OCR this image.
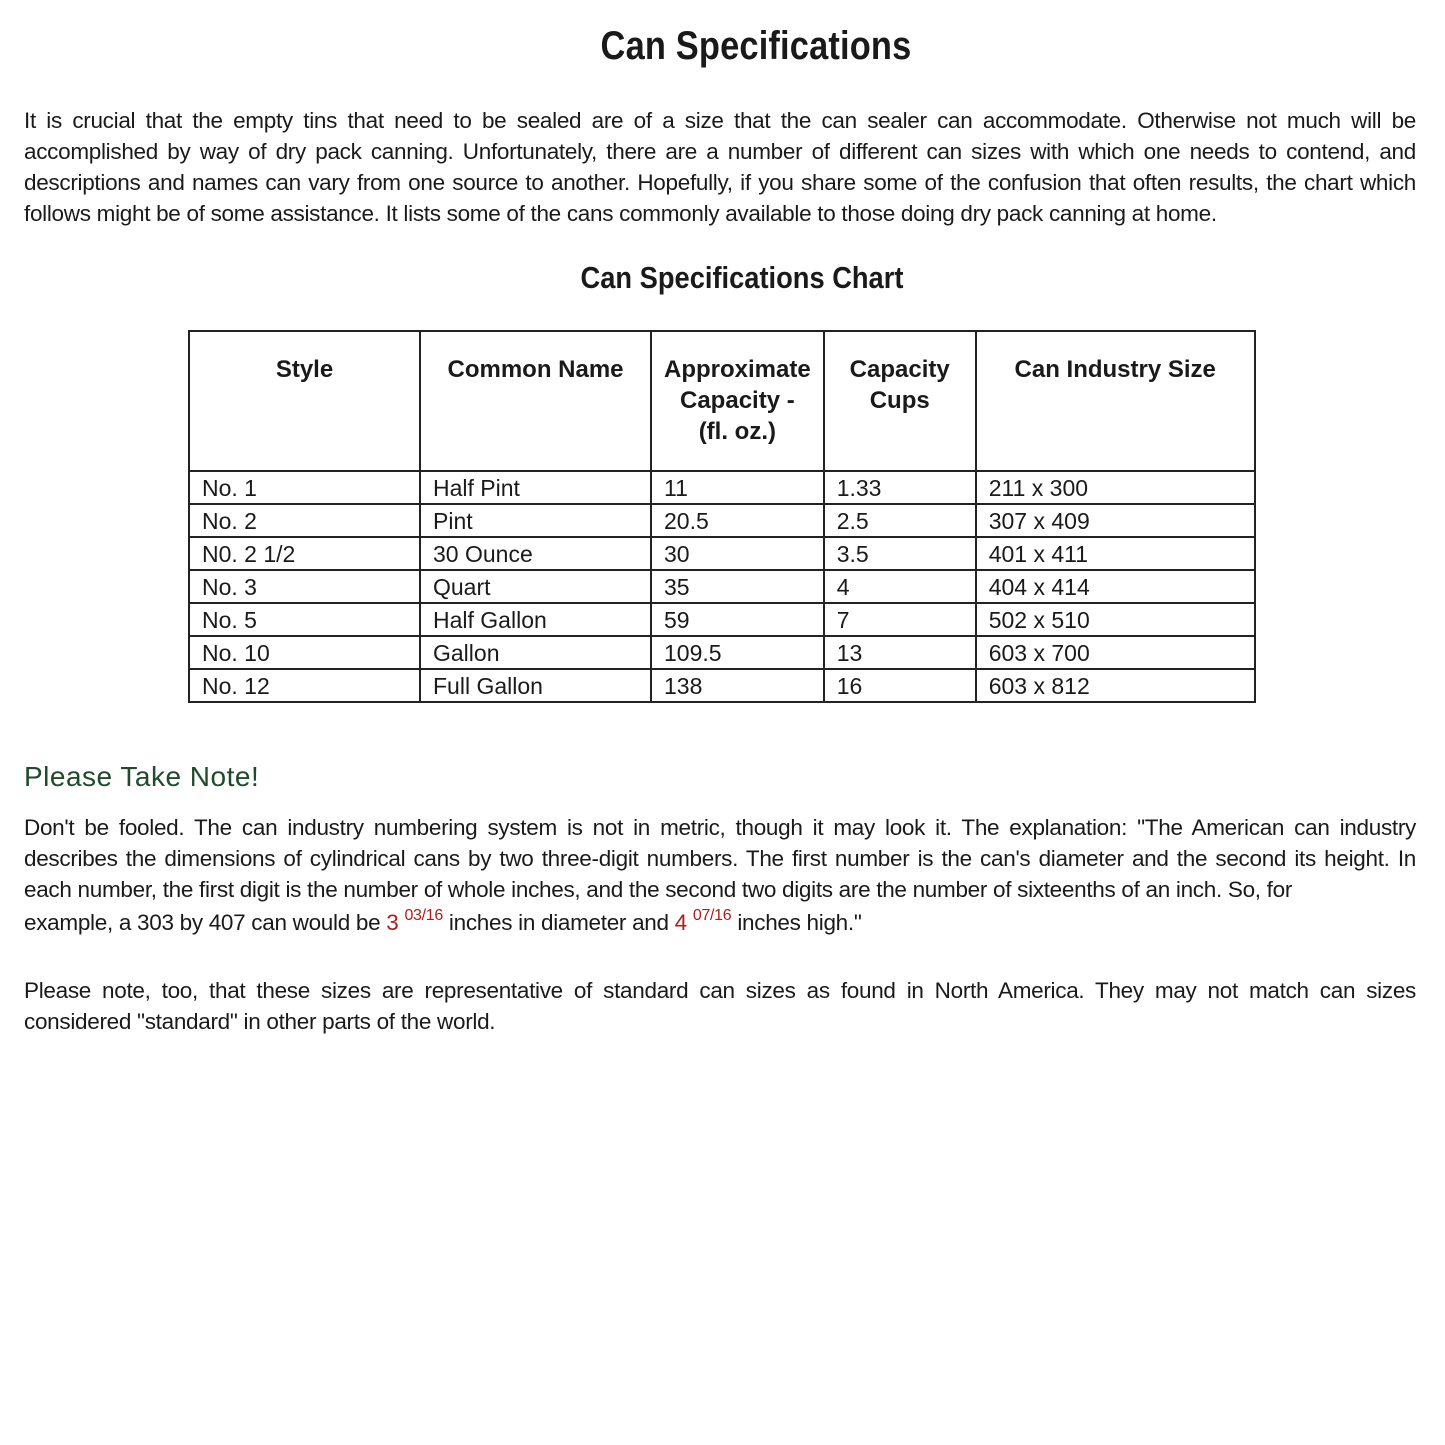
Can Specifications

It is crucial that the empty tins that need to be sealed are of a size that the can sealer can accommodate. Otherwise not much will be accomplished by way of dry pack canning. Unfortunately, there are a number of different can sizes with which one needs to contend, and descriptions and names can vary from one source to another. Hopefully, if you share some of the confusion that often results, the chart which follows might be of some assistance. It lists some of the cans commonly available to those doing dry pack canning at home.

Can Specifications Chart
Style	Common Name	Approximate Capacity - (fl. oz.)	Capacity Cups	Can Industry Size
No. 1	Half Pint	11	1.33	211 x 300
No. 2	Pint	20.5	2.5	307 x 409
N0. 2 1/2	30 Ounce	30	3.5	401 x 411
No. 3	Quart	35	4	404 x 414
No. 5	Half Gallon	59	7	502 x 510
No. 10	Gallon	109.5	13	603 x 700
No. 12	Full Gallon	138	16	603 x 812
Please Take Note!

Don't be fooled. The can industry numbering system is not in metric, though it may look it. The explanation: "The American can industry describes the dimensions of cylindrical cans by two three-digit numbers. The first number is the can's diameter and the second its height. In each number, the first digit is the number of whole inches, and the second two digits are the number of sixteenths of an inch. So, for
example, a 303 by 407 can would be 3 $^{03/16}$ inches in diameter and 4 $^{07/16}$ inches high."

Please note, too, that these sizes are representative of standard can sizes as found in North America. They may not match can sizes considered "standard" in other parts of the world.
